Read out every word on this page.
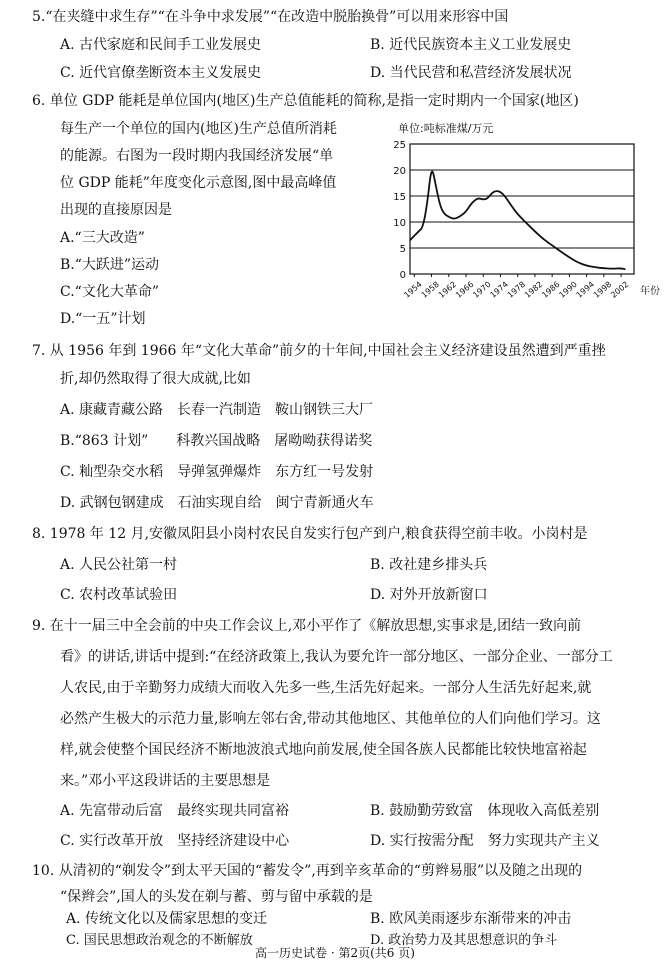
5.“在夹缝中求生存”“在斗争中求发展”“在改造中脱胎换骨”可以用来形容中国
A. 古代家庭和民间手工业发展史	B. 近代民族资本主义工业发展史
C. 近代官僚垄断资本主义发展史	D. 当代民营和私营经济发展状况
6. 单位 GDP 能耗是单位国内(地区)生产总值能耗的简称,是指一定时期内一个国家(地区)
每生产一个单位的国内(地区)生产总值所消耗
的能源。右图为一段时期内我国经济发展“单
位 GDP 能耗”年度变化示意图,图中最高峰值
出现的直接原因是
A.“三大改造”
B.“大跃进”运动
C.“文化大革命”
D.“一五”计划
0
5
10
15
20
25
1954
1958
1962
1966
1970
1974
1978
1982
1986
1990
1994
1998
2002
单位:吨标准煤/万元
年份
7. 从 1956 年到 1966 年“文化大革命”前夕的十年间,中国社会主义经济建设虽然遭到严重挫
折,却仍然取得了很大成就,比如
A. 康藏青藏公路　长春一汽制造　鞍山钢铁三大厂
B.“863 计划”　　科教兴国战略　屠呦呦获得诺奖
C. 籼型杂交水稻　导弹氢弹爆炸　东方红一号发射
D. 武钢包钢建成　石油实现自给　闽宁青新通火车
8. 1978 年 12 月,安徽凤阳县小岗村农民自发实行包产到户,粮食获得空前丰收。小岗村是
A. 人民公社第一村	B. 改社建乡排头兵
C. 农村改革试验田	D. 对外开放新窗口
9. 在十一届三中全会前的中央工作会议上,邓小平作了《解放思想,实事求是,团结一致向前
看》的讲话,讲话中提到:“在经济政策上,我认为要允许一部分地区、一部分企业、一部分工
人农民,由于辛勤努力成绩大而收入先多一些,生活先好起来。一部分人生活先好起来,就
必然产生极大的示范力量,影响左邻右舍,带动其他地区、其他单位的人们向他们学习。这
样,就会使整个国民经济不断地波浪式地向前发展,使全国各族人民都能比较快地富裕起
来。”邓小平这段讲话的主要思想是
A. 先富带动后富　最终实现共同富裕	B. 鼓励勤劳致富　体现收入高低差别
C. 实行改革开放　坚持经济建设中心	D. 实行按需分配　努力实现共产主义
10. 从清初的“剃发令”到太平天国的“蓄发令”,再到辛亥革命的“剪辫易服”以及随之出现的
“保辫会”,国人的头发在剃与蓄、剪与留中承载的是
A. 传统文化以及儒家思想的变迁	B. 欧风美雨逐步东渐带来的冲击
C. 国民思想政治观念的不断解放	D. 政治势力及其思想意识的争斗
高一历史试卷 · 第2页(共6 页)
